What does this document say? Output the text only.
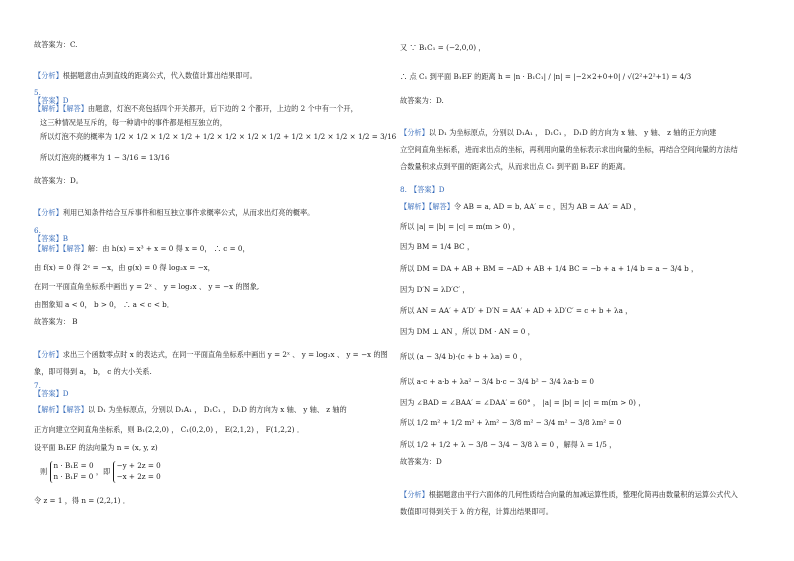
故答案为：C.
【分析】根据题意由点到直线的距离公式，代入数值计算出结果即可。
5.
【答案】D
【解析】【解答】由题意，灯泡不亮包括四个开关都开，后下边的 2 个都开，上边的 2 个中有一个开，
这三种情况是互斥的，每一种请中的事件都是相互独立的，
所以灯泡不亮的概率为 1/2 × 1/2 × 1/2 × 1/2 + 1/2 × 1/2 × 1/2 × 1/2 + 1/2 × 1/2 × 1/2 × 1/2 = 3/16
所以灯泡亮的概率为 1 − 3/16 = 13/16
故答案为：D。
【分析】利用已知条件结合互斥事件和相互独立事件求概率公式，从而求出灯亮的概率。
6.
【答案】B
【解析】【解答】解：由 h(x) = x³ + x = 0 得 x = 0， ∴ c = 0，
由 f(x) = 0 得 2ˣ = −x，由 g(x) = 0 得 log₂x = −x，
在同一平面直角坐标系中画出 y = 2ˣ 、 y = log₂x 、 y = −x 的图象,
由图象知 a < 0， b > 0， ∴ a < c < b．
故答案为： B
【分析】求出三个函数零点时 x 的表达式，在同一平面直角坐标系中画出 y = 2ˣ 、 y = log₂x 、 y = −x 的图
象，即可得到 a， b， c 的大小关系.
7.
【答案】D
【解析】【解答】以 D₁ 为坐标原点，分别以 D₁A₁ ， D₁C₁ ， D₁D 的方向为 x 轴、 y 轴、 z 轴的
正方向建立空间直角坐标系，则 B₁(2,2,0) ， C₁(0,2,0) ， E(2,1,2) ， F(1,2,2) ．
设平面 B₁EF 的法向量为 n = (x, y, z)
则
n · B₁E = 0
n · B₁F = 0
，即
−y + 2z = 0
−x + 2z = 0
令 z = 1 ，得 n = (2,2,1) ．
又 ∵ B₁C₁ = (−2,0,0) ，
∴ 点 C₁ 到平面 B₁EF 的距离 h = |n · B₁C₁| / |n| = |−2×2+0+0| / √(2²+2²+1) = 4/3
故答案为：D.
【分析】以 D₁ 为坐标原点，分别以 D₁A₁ ， D₁C₁ ， D₁D 的方向为 x 轴、 y 轴、 z 轴的正方向建
立空间直角坐标系，进而求出点的坐标，再利用向量的坐标表示求出向量的坐标，再结合空间向量的方法结
合数量积求点到平面的距离公式，从而求出点 C₁ 到平面 B₁EF 的距离。
8. 【答案】D
【解析】【解答】令 AB = a, AD = b, AA′ = c ，因为 AB = AA′ = AD ，
所以 |a| = |b| = |c| = m(m > 0) ，
因为 BM = 1/4 BC ，
所以 DM = DA + AB + BM = −AD + AB + 1/4 BC = −b + a + 1/4 b = a − 3/4 b ，
因为 D′N = λD′C′ ，
所以 AN = AA′ + A′D′ + D′N = AA′ + AD + λD′C′ = c + b + λa ，
因为 DM ⊥ AN ，所以 DM · AN = 0 ，
所以 (a − 3/4 b)·(c + b + λa) = 0 ，
所以 a·c + a·b + λa² − 3/4 b·c − 3/4 b² − 3/4 λa·b = 0
因为 ∠BAD = ∠BAA′ = ∠DAA′ = 60° ， |a| = |b| = |c| = m(m > 0) ，
所以 1/2 m² + 1/2 m² + λm² − 3/8 m² − 3/4 m² − 3/8 λm² = 0
所以 1/2 + 1/2 + λ − 3/8 − 3/4 − 3/8 λ = 0 ，解得 λ = 1/5 ，
故答案为：D
【分析】根据题意由平行六面体的几何性质结合向量的加减运算性质，整理化简再由数量积的运算公式代入
数值即可得到关于 λ 的方程，计算出结果即可。
